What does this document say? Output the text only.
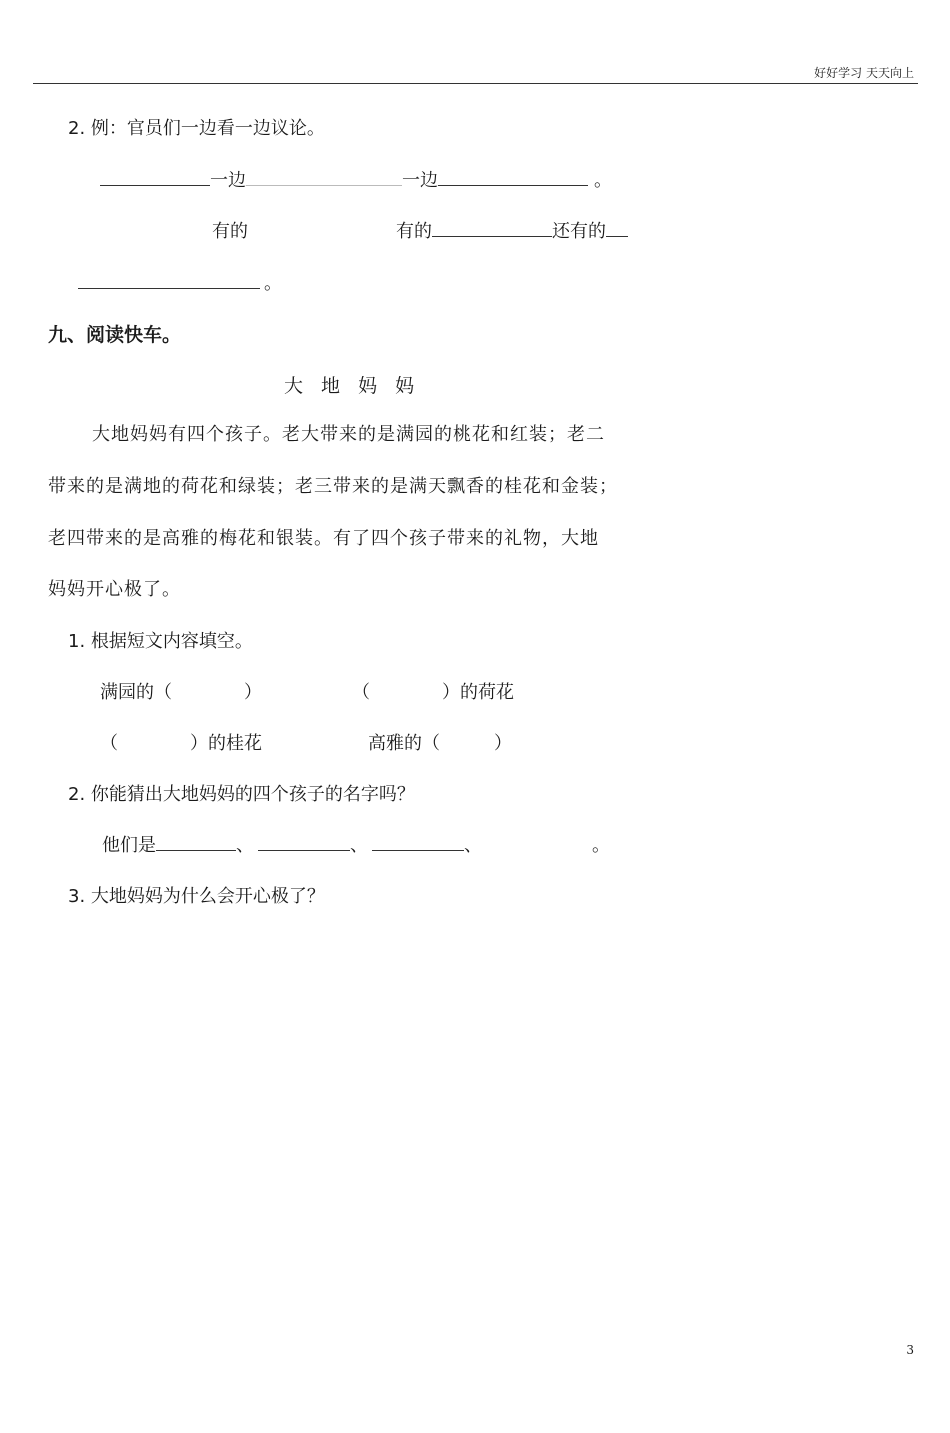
好好学习 天天向上
2. 例：官员们一边看一边议论。
一边	一边	。
有的	有的	还有的
。
九、阅读快车。
大 地 妈 妈
大地妈妈有四个孩子。老大带来的是满园的桃花和红装；老二
带来的是满地的荷花和绿装；老三带来的是满天飘香的桂花和金装；
老四带来的是高雅的梅花和银装。有了四个孩子带来的礼物，大地
妈妈开心极了。
1. 根据短文内容填空。
满园的（　　　　）	（　　　　）的荷花
（　　　　）的桂花	高雅的（　　　）
2. 你能猜出大地妈妈的四个孩子的名字吗？
他们是	、	、	、	。
3. 大地妈妈为什么会开心极了？
3
